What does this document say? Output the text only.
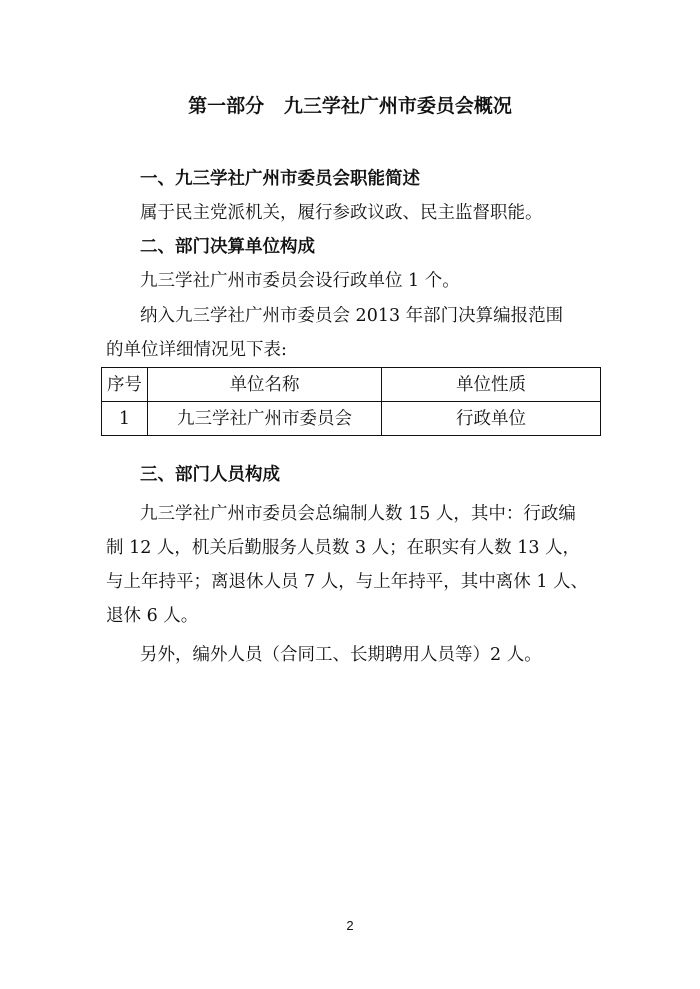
第一部分   九三学社广州市委员会概况
一、九三学社广州市委员会职能简述
属于民主党派机关，履行参政议政、民主监督职能。
二、部门决算单位构成
九三学社广州市委员会设行政单位 1 个。
纳入九三学社广州市委员会 2013 年部门决算编报范围
的单位详细情况见下表:
序号	单位名称	单位性质
1	九三学社广州市委员会	行政单位
三、部门人员构成
九三学社广州市委员会总编制人数 15 人，其中：行政编
制 12 人，机关后勤服务人员数 3 人；在职实有人数 13 人，
与上年持平；离退休人员 7 人，与上年持平，其中离休 1 人、
退休 6 人。
另外，编外人员（合同工、长期聘用人员等）2 人。
2
